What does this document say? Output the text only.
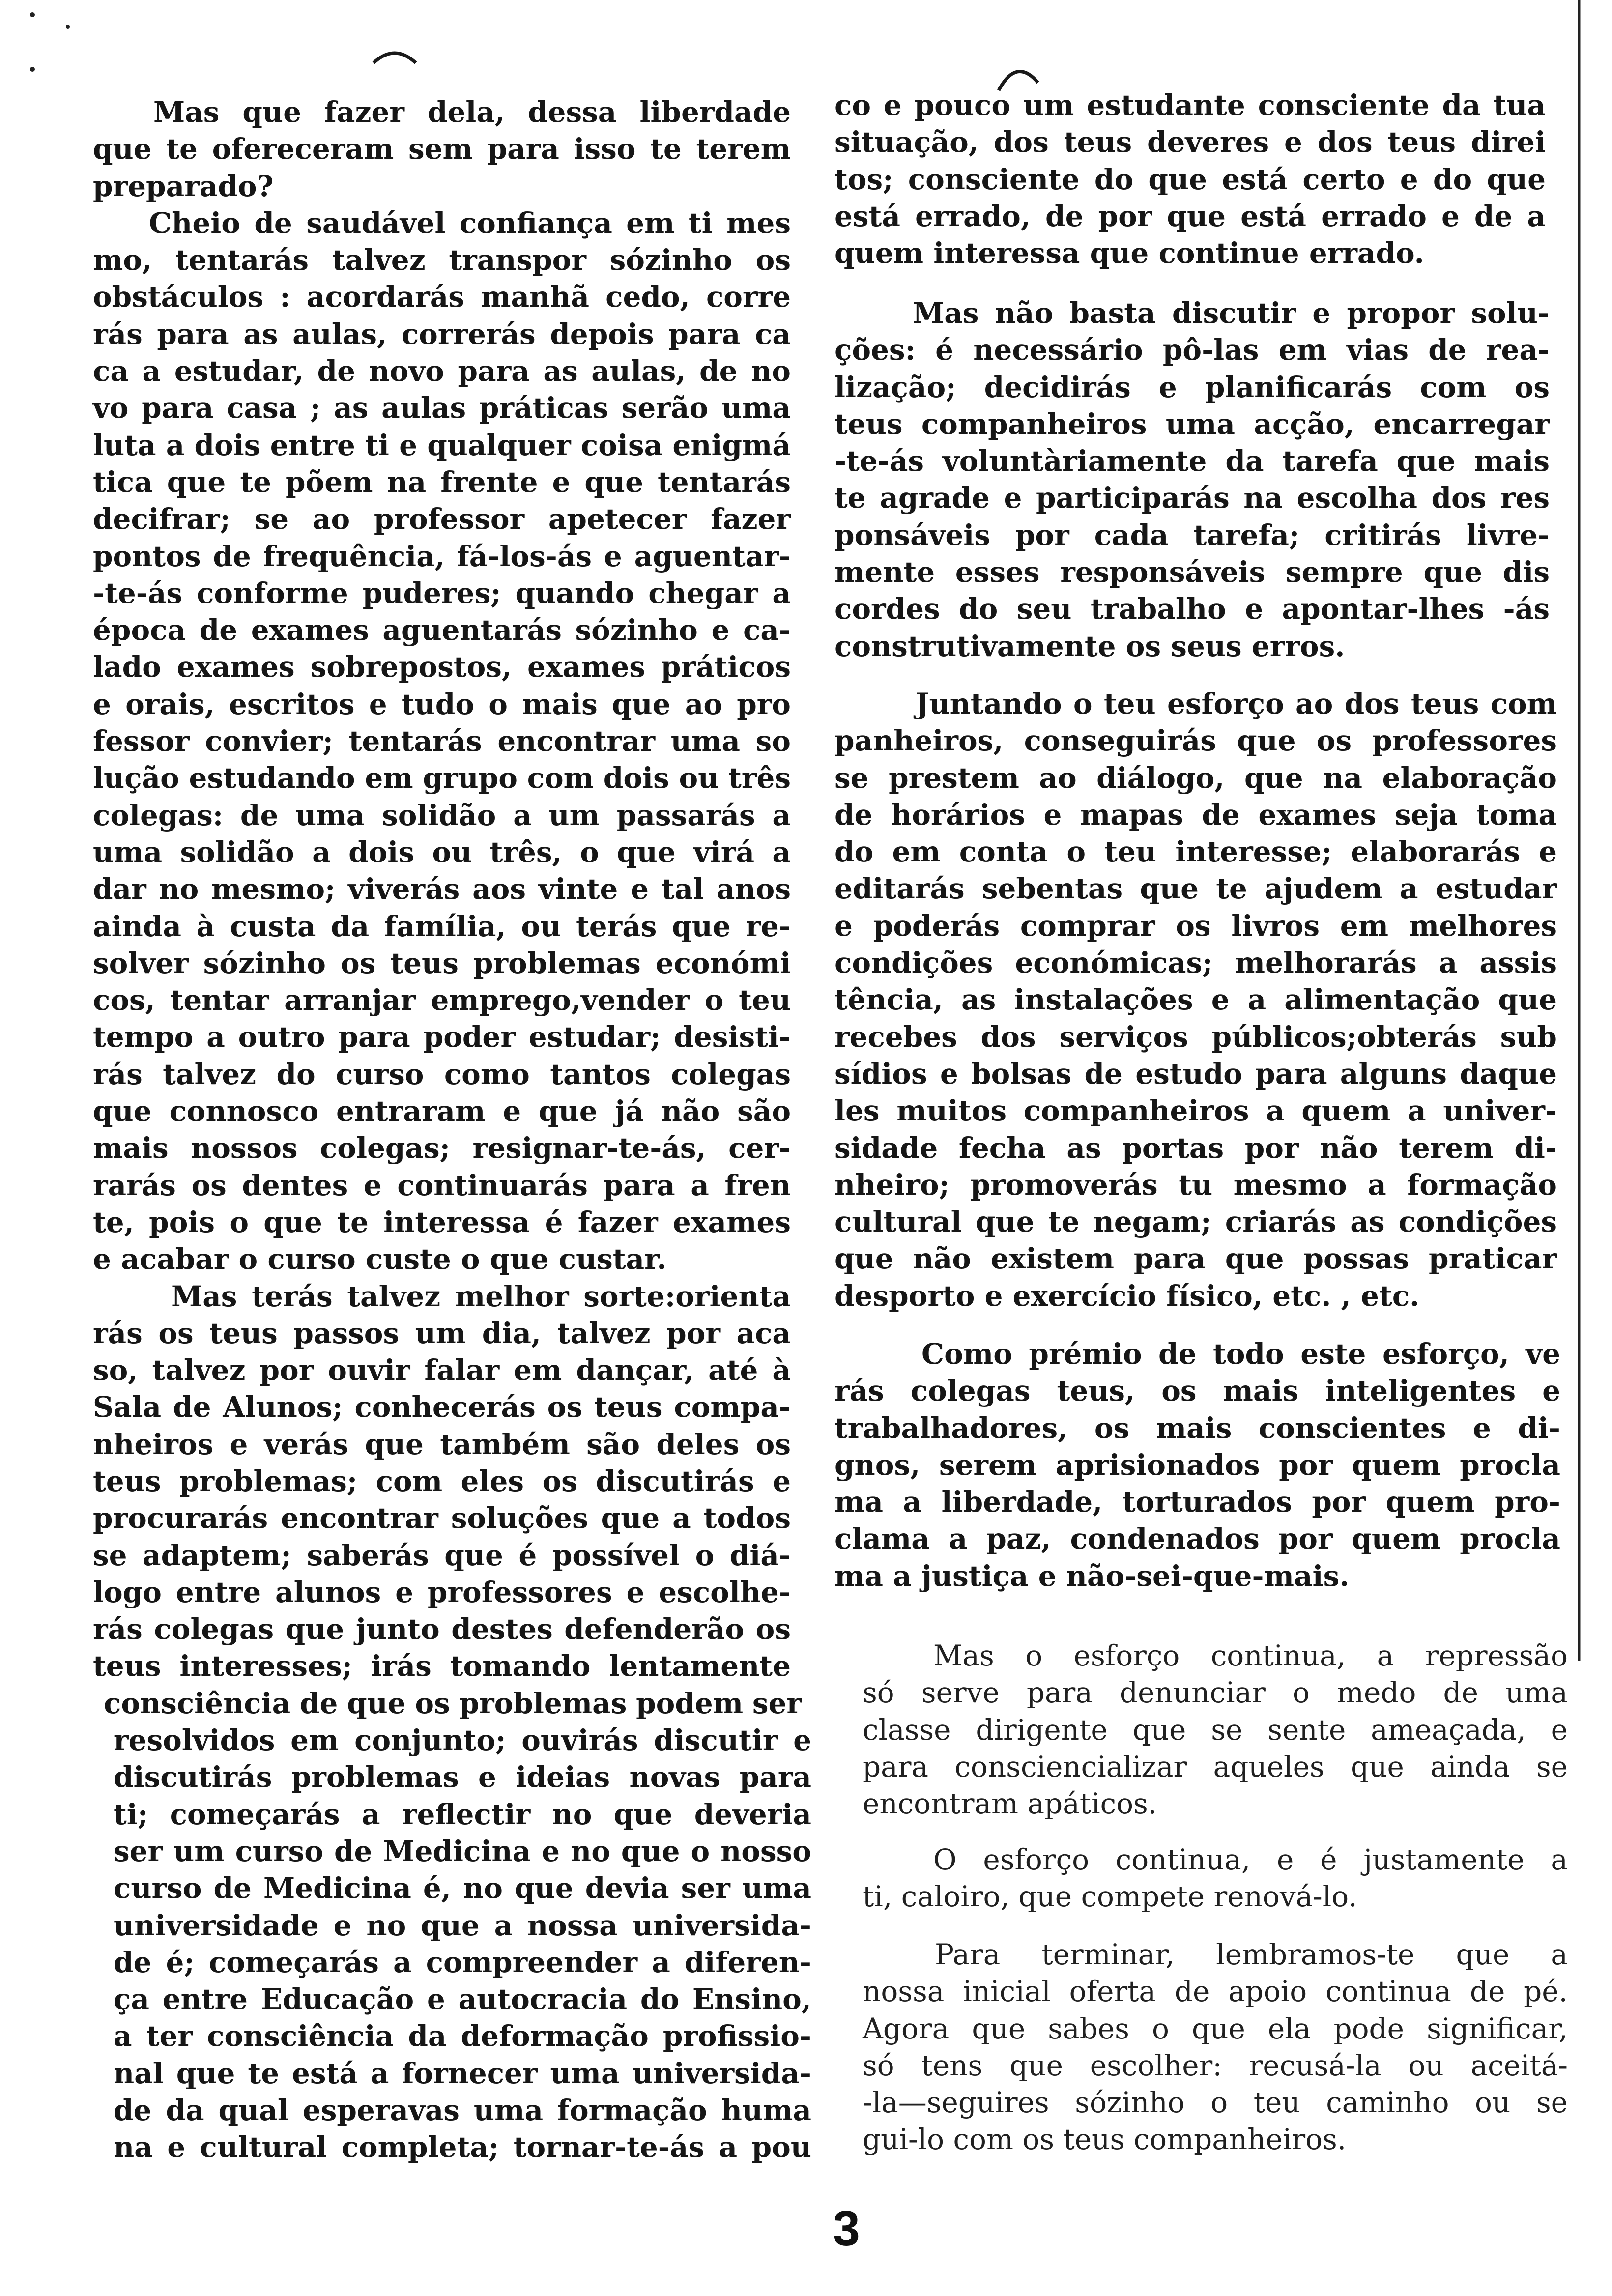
Mas que fazer dela, dessa liberdade
que te ofereceram sem para isso te terem
preparado?
Cheio de saudável confiança em ti mes
mo, tentarás talvez transpor sózinho os
obstáculos : acordarás manhã cedo, corre
rás para as aulas, correrás depois para ca
ca a estudar, de novo para as aulas, de no
vo para casa ; as aulas práticas serão uma
luta a dois entre ti e qualquer coisa enigmá
tica que te põem na frente e que tentarás
decifrar; se ao professor apetecer fazer
pontos de frequência, fá-los-ás e aguentar-
-te-ás conforme puderes; quando chegar a
época de exames aguentarás sózinho e ca-
lado exames sobrepostos, exames práticos
e orais, escritos e tudo o mais que ao pro
fessor convier; tentarás encontrar uma so
lução estudando em grupo com dois ou três
colegas: de uma solidão a um passarás a
uma solidão a dois ou três, o que virá a
dar no mesmo; viverás aos vinte e tal anos
ainda à custa da família, ou terás que re-
solver sózinho os teus problemas económi
cos, tentar arranjar emprego,vender o teu
tempo a outro para poder estudar; desisti-
rás talvez do curso como tantos colegas
que connosco entraram e que já não são
mais nossos colegas; resignar-te-ás, cer-
rarás os dentes e continuarás para a fren
te, pois o que te interessa é fazer exames
e acabar o curso custe o que custar.
Mas terás talvez melhor sorte:orienta
rás os teus passos um dia, talvez por aca
so, talvez por ouvir falar em dançar, até à
Sala de Alunos; conhecerás os teus compa-
nheiros e verás que também são deles os
teus problemas; com eles os discutirás e
procurarás encontrar soluções que a todos
se adaptem; saberás que é possível o diá-
logo entre alunos e professores e escolhe-
rás colegas que junto destes defenderão os
teus interesses; irás tomando lentamente
consciência de que os problemas podem ser
resolvidos em conjunto; ouvirás discutir e
discutirás problemas e ideias novas para
ti; começarás a reflectir no que deveria
ser um curso de Medicina e no que o nosso
curso de Medicina é, no que devia ser uma
universidade e no que a nossa universida-
de é; começarás a compreender a diferen-
ça entre Educação e autocracia do Ensino,
a ter consciência da deformação profissio-
nal que te está a fornecer uma universida-
de da qual esperavas uma formação huma
na e cultural completa; tornar-te-ás a pou
co e pouco um estudante consciente da tua
situação, dos teus deveres e dos teus direi
tos; consciente do que está certo e do que
está errado, de por que está errado e de a
quem interessa que continue errado.
Mas não basta discutir e propor solu-
ções: é necessário pô-las em vias de rea-
lização; decidirás e planificarás com os
teus companheiros uma acção, encarregar
-te-ás voluntàriamente da tarefa que mais
te agrade e participarás na escolha dos res
ponsáveis por cada tarefa; critirás livre-
mente esses responsáveis sempre que dis
cordes do seu trabalho e apontar-lhes -ás
construtivamente os seus erros.
Juntando o teu esforço ao dos teus com
panheiros, conseguirás que os professores
se prestem ao diálogo, que na elaboração
de horários e mapas de exames seja toma
do em conta o teu interesse; elaborarás e
editarás sebentas que te ajudem a estudar
e poderás comprar os livros em melhores
condições económicas; melhorarás a assis
tência, as instalações e a alimentação que
recebes dos serviços públicos;obterás sub
sídios e bolsas de estudo para alguns daque
les muitos companheiros a quem a univer-
sidade fecha as portas por não terem di-
nheiro; promoverás tu mesmo a formação
cultural que te negam; criarás as condições
que não existem para que possas praticar
desporto e exercício físico, etc. , etc.
Como prémio de todo este esforço, ve
rás colegas teus, os mais inteligentes e
trabalhadores, os mais conscientes e di-
gnos, serem aprisionados por quem procla
ma a liberdade, torturados por quem pro-
clama a paz, condenados por quem procla
ma a justiça e não-sei-que-mais.
Mas o esforço continua, a repressão
só serve para denunciar o medo de uma
classe dirigente que se sente ameaçada, e
para consciencializar aqueles que ainda se
encontram apáticos.
O esforço continua, e é justamente a
ti, caloiro, que compete renová-lo.
Para terminar, lembramos-te que a
nossa inicial oferta de apoio continua de pé.
Agora que sabes o que ela pode significar,
só tens que escolher: recusá-la ou aceitá-
-la—seguires sózinho o teu caminho ou se
gui-lo com os teus companheiros.
3
